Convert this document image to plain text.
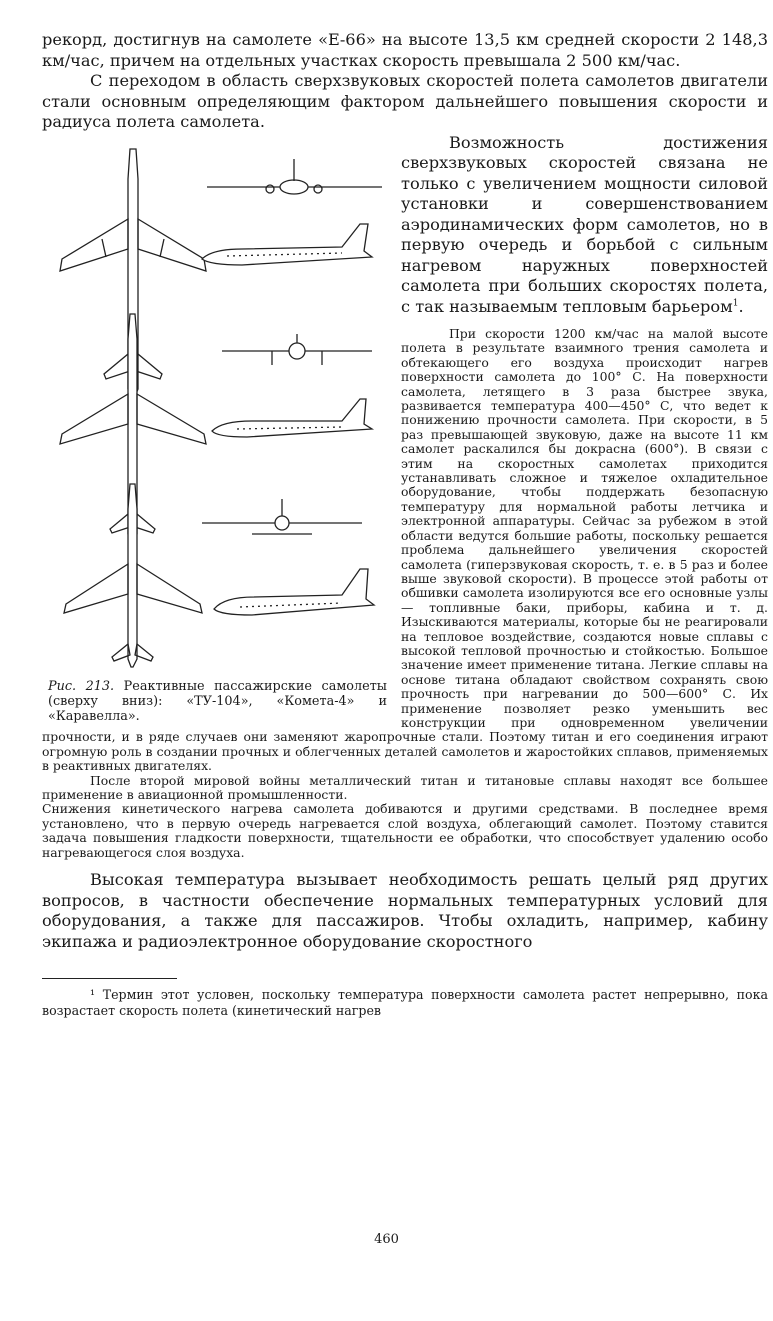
рекорд, достигнув на самолете «Е-66» на высоте 13,5 км средней скорости 2 148,3 км/час, причем на отдельных участках скорость превышала 2 500 км/час.

С переходом в область сверхзвуковых скоростей полета самолетов двигатели стали основным определяющим фактором дальнейшего повышения скорости и радиуса полета самолета.

Рис. 213. Реактивные пассажирские самолеты (сверху вниз): «ТУ-104», «Комета-4» и «Каравелла».

Возможность достижения сверхзвуковых скоростей связана не только с увеличением мощности силовой установки и совершенствованием аэродинамических форм самолетов, но в первую очередь и борьбой с сильным нагревом наружных поверхностей самолета при больших скоростях полета, с так называемым тепловым барьером$^1$.

При скорости 1200 км/час на малой высоте полета в результате взаимного трения самолета и обтекающего его воздуха происходит нагрев поверхности самолета до 100° С. На поверхности самолета, летящего в 3 раза быстрее звука, развивается температура 400—450° С, что ведет к понижению прочности самолета. При скорости, в 5 раз превышающей звуковую, даже на высоте 11 км самолет раскалился бы докрасна (600°). В связи с этим на скоростных самолетах приходится устанавливать сложное и тяжелое охладительное оборудование, чтобы поддержать безопасную температуру для нормальной работы летчика и электронной аппаратуры. Сейчас за рубежом в этой области ведутся большие работы, поскольку решается проблема дальнейшего увеличения скоростей самолета (гиперзвуковая скорость, т. е. в 5 раз и более выше звуковой скорости). В процессе этой работы от обшивки самолета изолируются все его основные узлы — топливные баки, приборы, кабина и т. д. Изыскиваются материалы, которые бы не реагировали на тепловое воздействие, создаются новые сплавы с высокой тепловой прочностью и стойкостью. Большое значение имеет применение титана. Легкие сплавы на основе титана обладают свойством сохранять свою прочность при нагревании до 500—600° С. Их применение позволяет резко уменьшить вес конструкции при одновременном увеличении прочности, и в ряде случаев они заменяют жаропрочные стали. Поэтому титан и его соединения играют огромную роль в создании прочных и облегченных деталей самолетов и жаростойких сплавов, применяемых в реактивных двигателях.

После второй мировой войны металлический титан и титановые сплавы находят все большее применение в авиационной промышленности.

Снижения кинетического нагрева самолета добиваются и другими средствами. В последнее время установлено, что в первую очередь нагревается слой воздуха, облегающий самолет. Поэтому ставится задача повышения гладкости поверхности, тщательности ее обработки, что способствует удалению особо нагревающегося слоя воздуха.

Высокая температура вызывает необходимость решать целый ряд других вопросов, в частности обеспечение нормальных температурных условий для оборудования, а также для пассажиров. Чтобы охладить, например, кабину экипажа и радиоэлектронное оборудование скоростного

¹ Термин этот условен, поскольку температура поверхности самолета растет непрерывно, пока возрастает скорость полета (кинетический нагрев

460
